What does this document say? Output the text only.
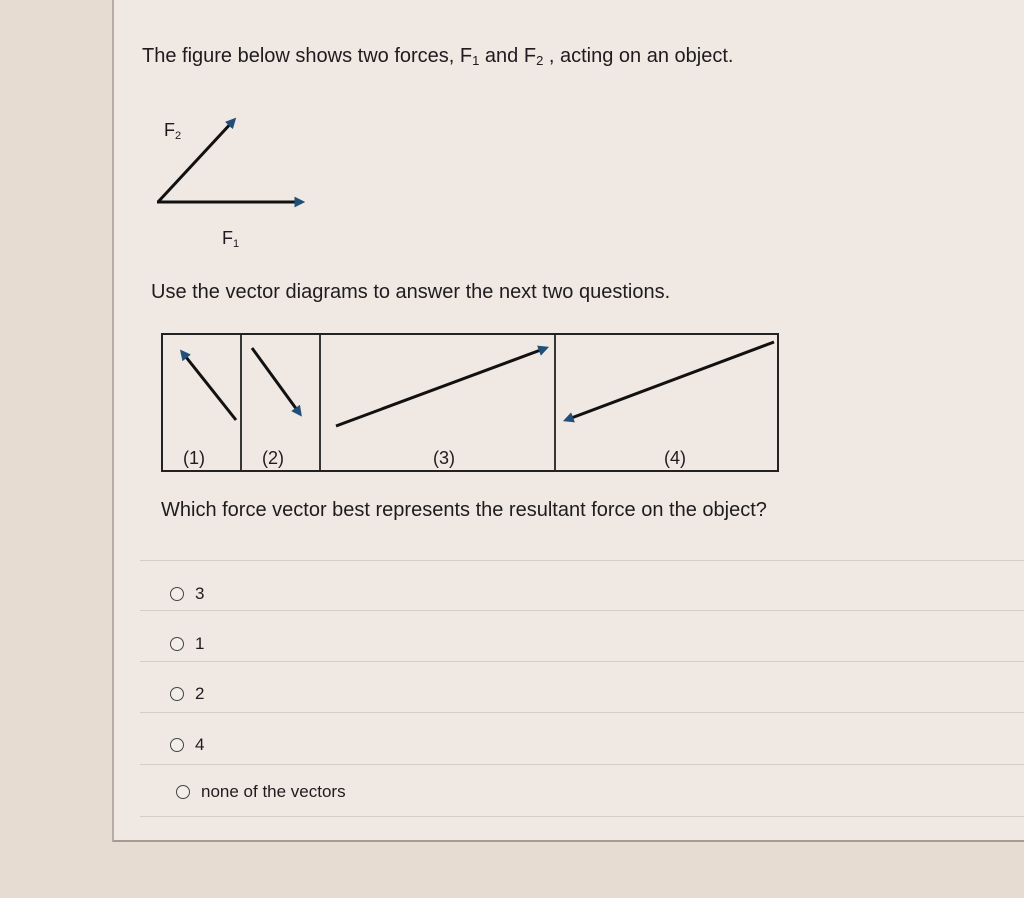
The figure below shows two forces, $F_1$ and $F_2$ , acting on an object.
$F_2$
$F_1$
Use the vector diagrams to answer the next two questions.
(1)	(2)	(3)	(4)
Which force vector best represents the resultant force on the object?
3
1
2
4
none of the vectors
